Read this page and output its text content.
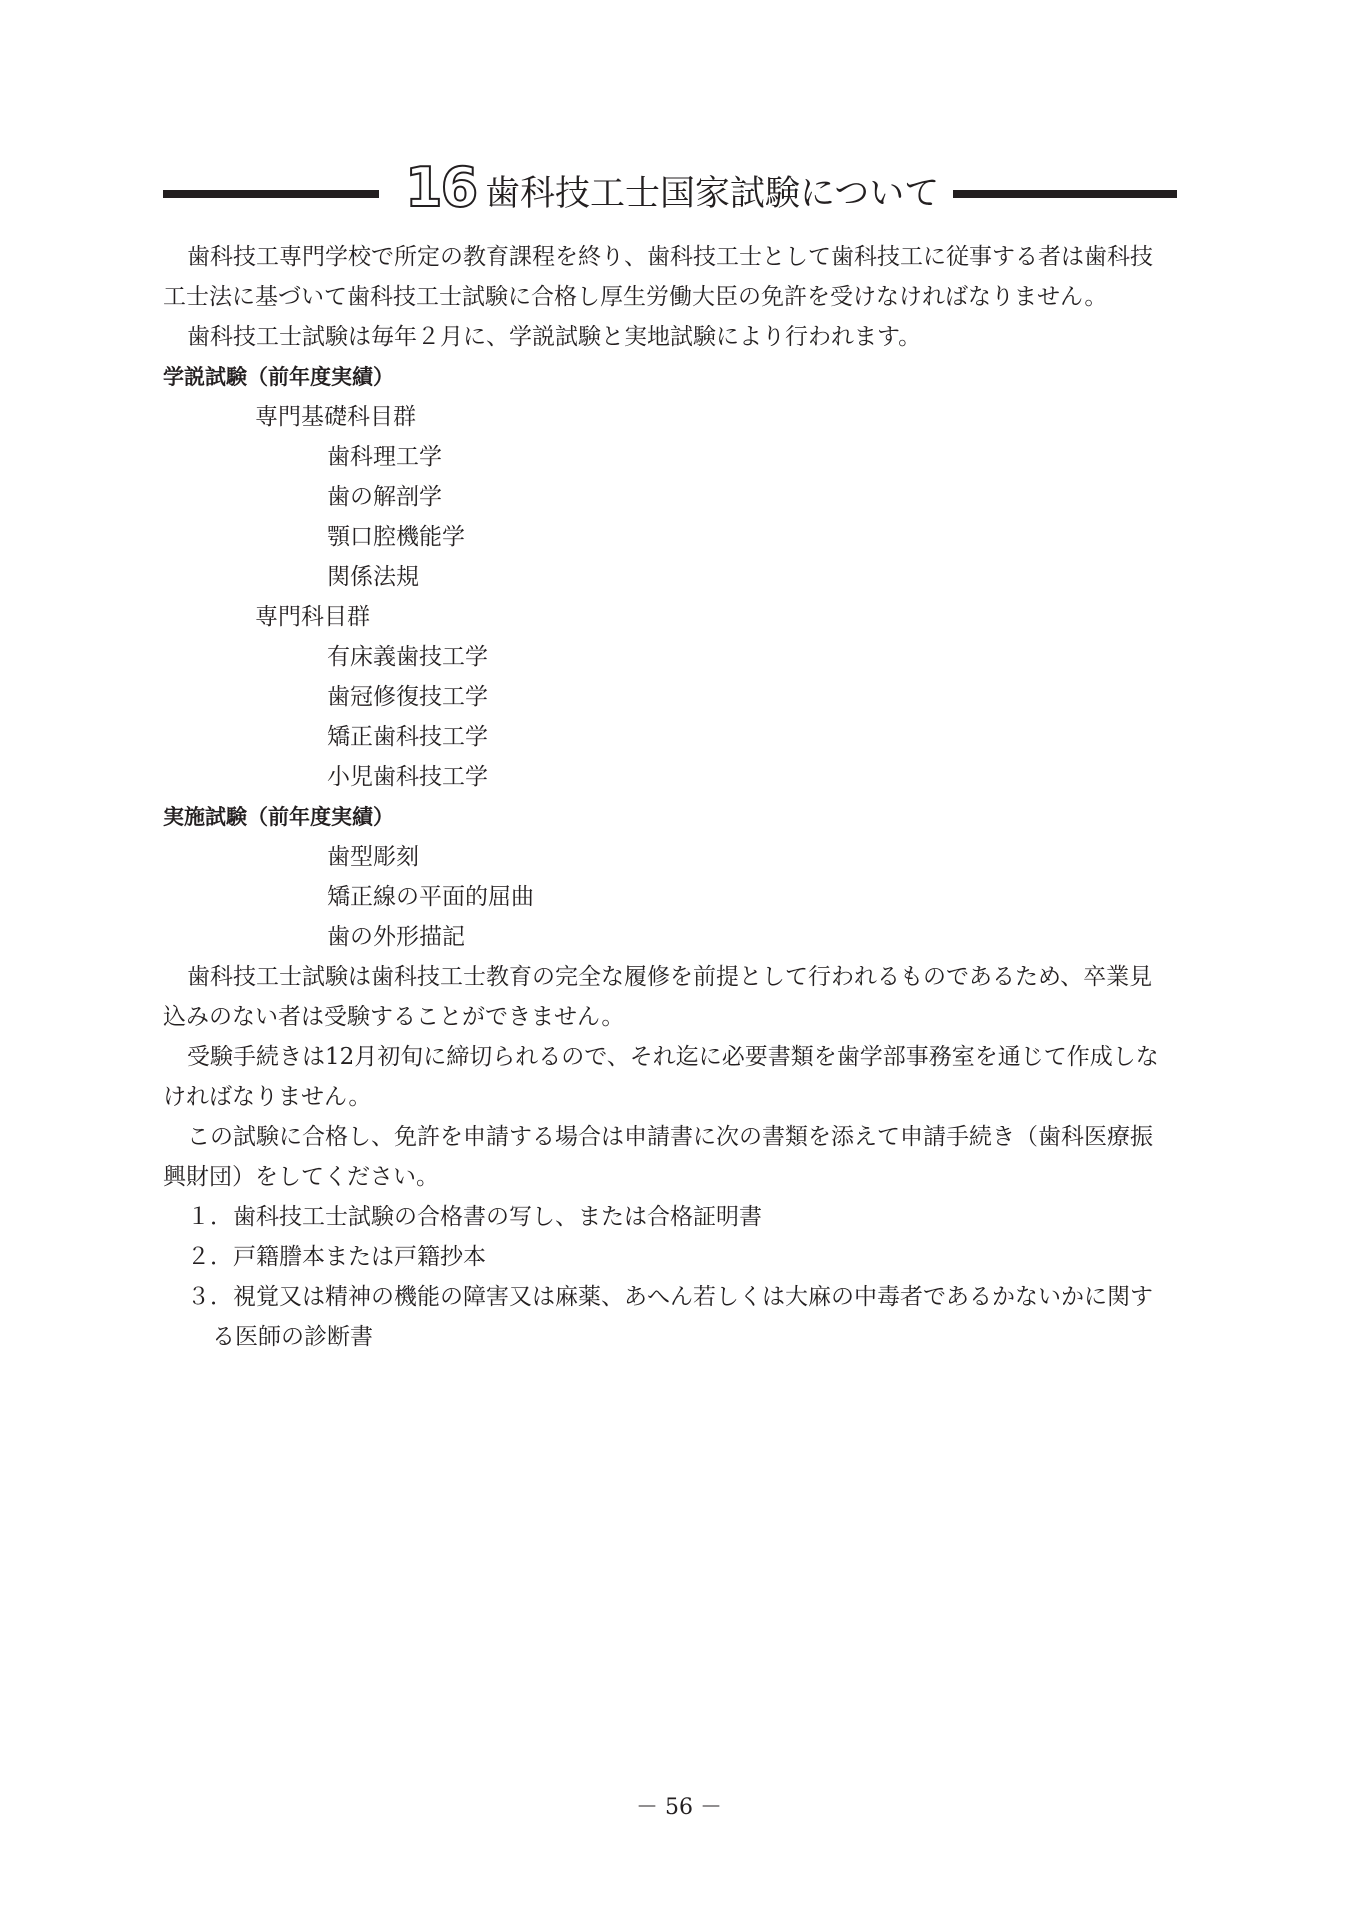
16 歯科技工士国家試験について
歯科技工専門学校で所定の教育課程を終り、歯科技工士として歯科技工に従事する者は歯科技
工士法に基づいて歯科技工士試験に合格し厚生労働大臣の免許を受けなければなりません。
歯科技工士試験は毎年２月に、学説試験と実地試験により行われます。
学説試験（前年度実績）
専門基礎科目群
歯科理工学
歯の解剖学
顎口腔機能学
関係法規
専門科目群
有床義歯技工学
歯冠修復技工学
矯正歯科技工学
小児歯科技工学
実施試験（前年度実績）
歯型彫刻
矯正線の平面的屈曲
歯の外形描記
歯科技工士試験は歯科技工士教育の完全な履修を前提として行われるものであるため、卒業見
込みのない者は受験することができません。
受験手続きは12月初旬に締切られるので、それ迄に必要書類を歯学部事務室を通じて作成しな
ければなりません。
この試験に合格し、免許を申請する場合は申請書に次の書類を添えて申請手続き（歯科医療振
興財団）をしてください。
１．歯科技工士試験の合格書の写し、または合格証明書
２．戸籍謄本または戸籍抄本
３．視覚又は精神の機能の障害又は麻薬、あへん若しくは大麻の中毒者であるかないかに関す
る医師の診断書
－ 56 －
